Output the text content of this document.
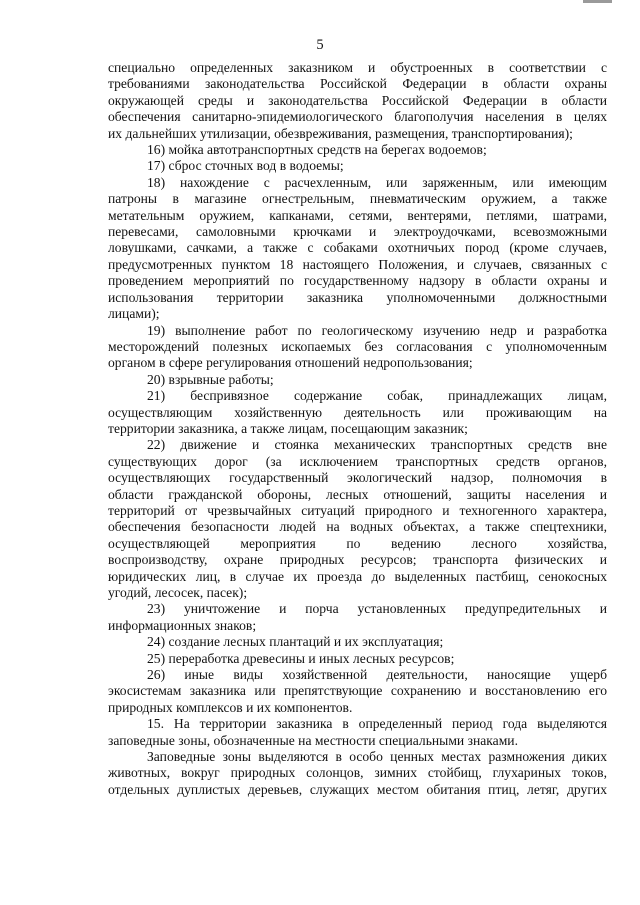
5

специально определенных заказником и обустроенных в соответствии с

требованиями законодательства Российской Федерации в области охраны

окружающей среды и законодательства Российской Федерации в области

обеспечения санитарно-эпидемиологического благополучия населения в целях

их дальнейших утилизации, обезвреживания, размещения, транспортирования);

16) мойка автотранспортных средств на берегах водоемов;

17) сброс сточных вод в водоемы;

18) нахождение с расчехленным, или заряженным, или имеющим

патроны в магазине огнестрельным, пневматическим оружием, а также

метательным оружием, капканами, сетями, вентерями, петлями, шатрами,

перевесами, самоловными крючками и электроудочками, всевозможными

ловушками, сачками, а также с собаками охотничьих пород (кроме случаев,

предусмотренных пунктом 18 настоящего Положения, и случаев, связанных с

проведением мероприятий по государственному надзору в области охраны и

использования территории заказника уполномоченными должностными

лицами);

19) выполнение работ по геологическому изучению недр и разработка

месторождений полезных ископаемых без согласования с уполномоченным

органом в сфере регулирования отношений недропользования;

20) взрывные работы;

21) беспривязное содержание собак, принадлежащих лицам,

осуществляющим хозяйственную деятельность или проживающим на

территории заказника, а также лицам, посещающим заказник;

22) движение и стоянка механических транспортных средств вне

существующих дорог (за исключением транспортных средств органов,

осуществляющих государственный экологический надзор, полномочия в

области гражданской обороны, лесных отношений, защиты населения и

территорий от чрезвычайных ситуаций природного и техногенного характера,

обеспечения безопасности людей на водных объектах, а также спецтехники,

осуществляющей мероприятия по ведению лесного хозяйства,

воспроизводству, охране природных ресурсов; транспорта физических и

юридических лиц, в случае их проезда до выделенных пастбищ, сенокосных

угодий, лесосек, пасек);

23) уничтожение и порча установленных предупредительных и

информационных знаков;

24) создание лесных плантаций и их эксплуатация;

25) переработка древесины и иных лесных ресурсов;

26) иные виды хозяйственной деятельности, наносящие ущерб

экосистемам заказника или препятствующие сохранению и восстановлению его

природных комплексов и их компонентов.

15. На территории заказника в определенный период года выделяются

заповедные зоны, обозначенные на местности специальными знаками.

Заповедные зоны выделяются в особо ценных местах размножения диких

животных, вокруг природных солонцов, зимних стойбищ, глухариных токов,

отдельных дуплистых деревьев, служащих местом обитания птиц, летяг, других
